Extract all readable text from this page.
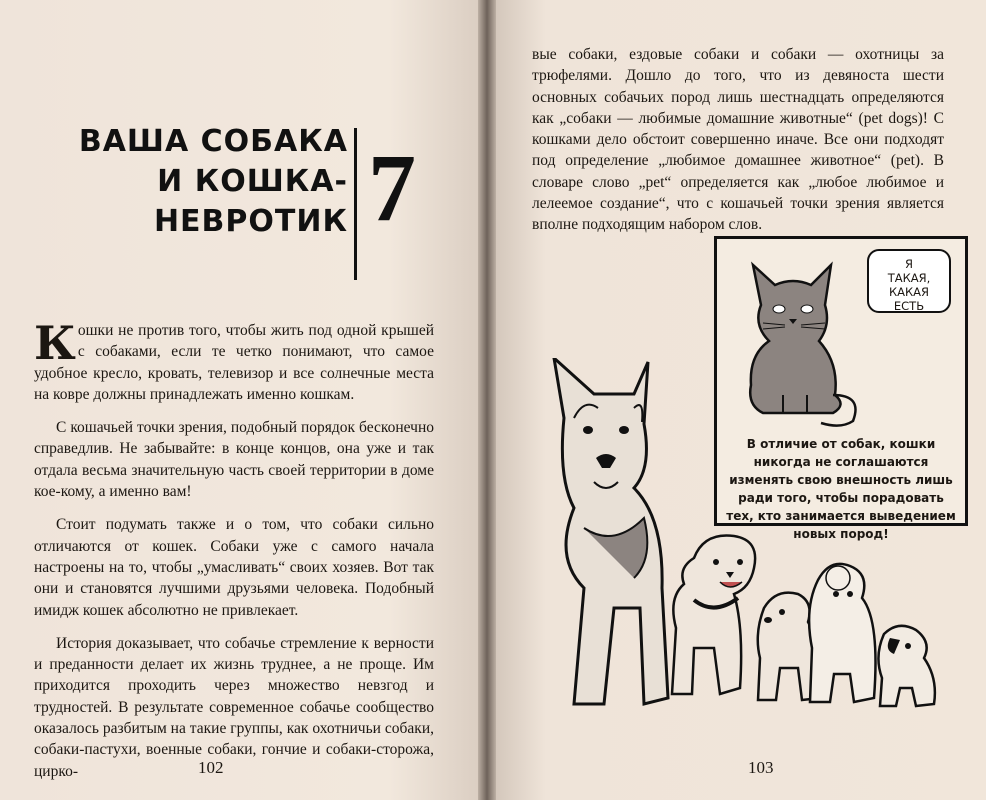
ВАША СОБАКА
И КОШКА-
НЕВРОТИК 7

Кошки не против того, чтобы жить под одной крышей с собаками, если те четко понимают, что самое удобное кресло, кровать, телевизор и все солнечные места на ковре должны принадлежать именно кошкам.

С кошачьей точки зрения, подобный порядок бесконечно справедлив. Не забывайте: в конце концов, она уже и так отдала весьма значительную часть своей территории в доме кое-кому, а именно вам!

Стоит подумать также и о том, что собаки сильно отличаются от кошек. Собаки уже с самого начала настроены на то, чтобы „умасливать“ своих хозяев. Вот так они и становятся лучшими друзьями человека. Подобный имидж кошек абсолютно не привлекает.

История доказывает, что собачье стремление к верности и преданности делает их жизнь труднее, а не проще. Им приходится проходить через множество невзгод и трудностей. В результате современное собачье сообщество оказалось разбитым на такие группы, как охотничьи собаки, собаки-пастухи, военные собаки, гончие и собаки-сторожа, цирко-	102

вые собаки, ездовые собаки и собаки — охотницы за трюфелями. Дошло до того, что из девяноста шести основных собачьих пород лишь шестнадцать определяются как „собаки — любимые домашние животные“ (pet dogs)! С кошками дело обстоит совершенно иначе. Все они подходят под определение „любимое домашнее животное“ (pet). В словаре слово „pet“ определяется как „любое любимое и лелеемое создание“, что с кошачьей точки зрения является вполне подходящим набором слов.

Я
ТАКАЯ,
КАКАЯ
ЕСТЬ
В отличие от собак, кошки никогда не соглашаются изменять свою внешность лишь ради того, чтобы порадовать тех, кто занимается выведением новых пород!
103
